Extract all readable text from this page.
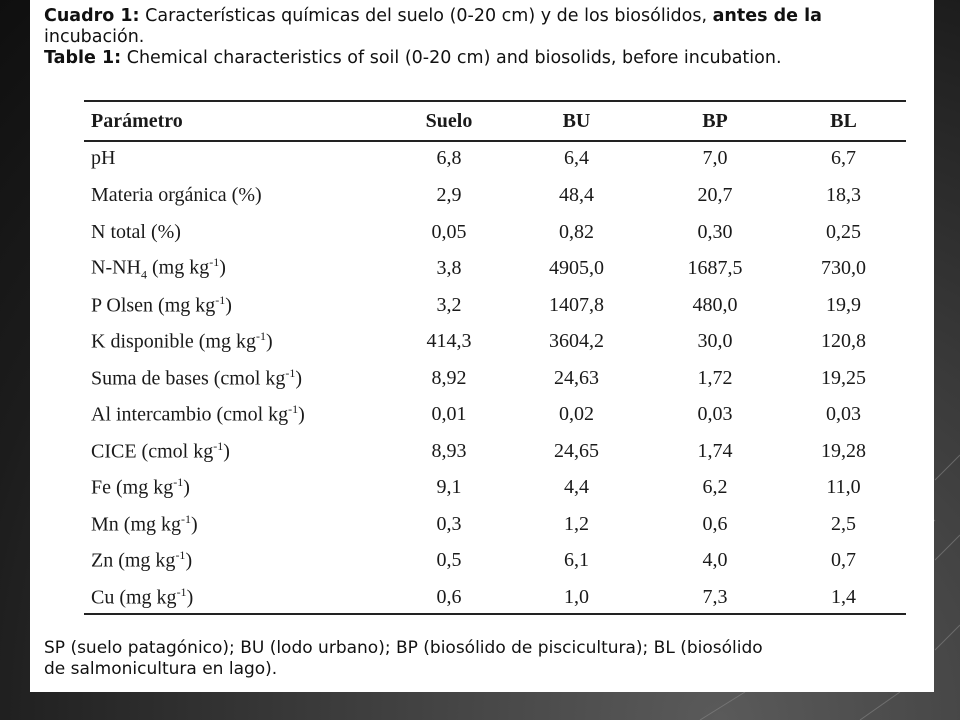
Cuadro 1: Características químicas del suelo (0-20 cm) y de los biosólidos, antes de la
incubación.
Table 1: Chemical characteristics of soil (0-20 cm) and biosolids, before incubation.
Parámetro	Suelo	BU	BP	BL
pH	6,8	6,4	7,0	6,7
Materia orgánica (%)	2,9	48,4	20,7	18,3
N total (%)	0,05	0,82	0,30	0,25
$N-NH_4$ (mg $kg^{-1}$)	3,8	4905,0	1687,5	730,0
P Olsen (mg $kg^{-1}$)	3,2	1407,8	480,0	19,9
K disponible (mg $kg^{-1}$)	414,3	3604,2	30,0	120,8
Suma de bases (cmol $kg^{-1}$)	8,92	24,63	1,72	19,25
Al intercambio (cmol $kg^{-1}$)	0,01	0,02	0,03	0,03
CICE (cmol $kg^{-1}$)	8,93	24,65	1,74	19,28
Fe (mg $kg^{-1}$)	9,1	4,4	6,2	11,0
Mn (mg $kg^{-1}$)	0,3	1,2	0,6	2,5
Zn (mg $kg^{-1}$)	0,5	6,1	4,0	0,7
Cu (mg $kg^{-1}$)	0,6	1,0	7,3	1,4
SP (suelo patagónico); BU (lodo urbano); BP (biosólido de piscicultura); BL (biosólido
de salmonicultura en lago).
